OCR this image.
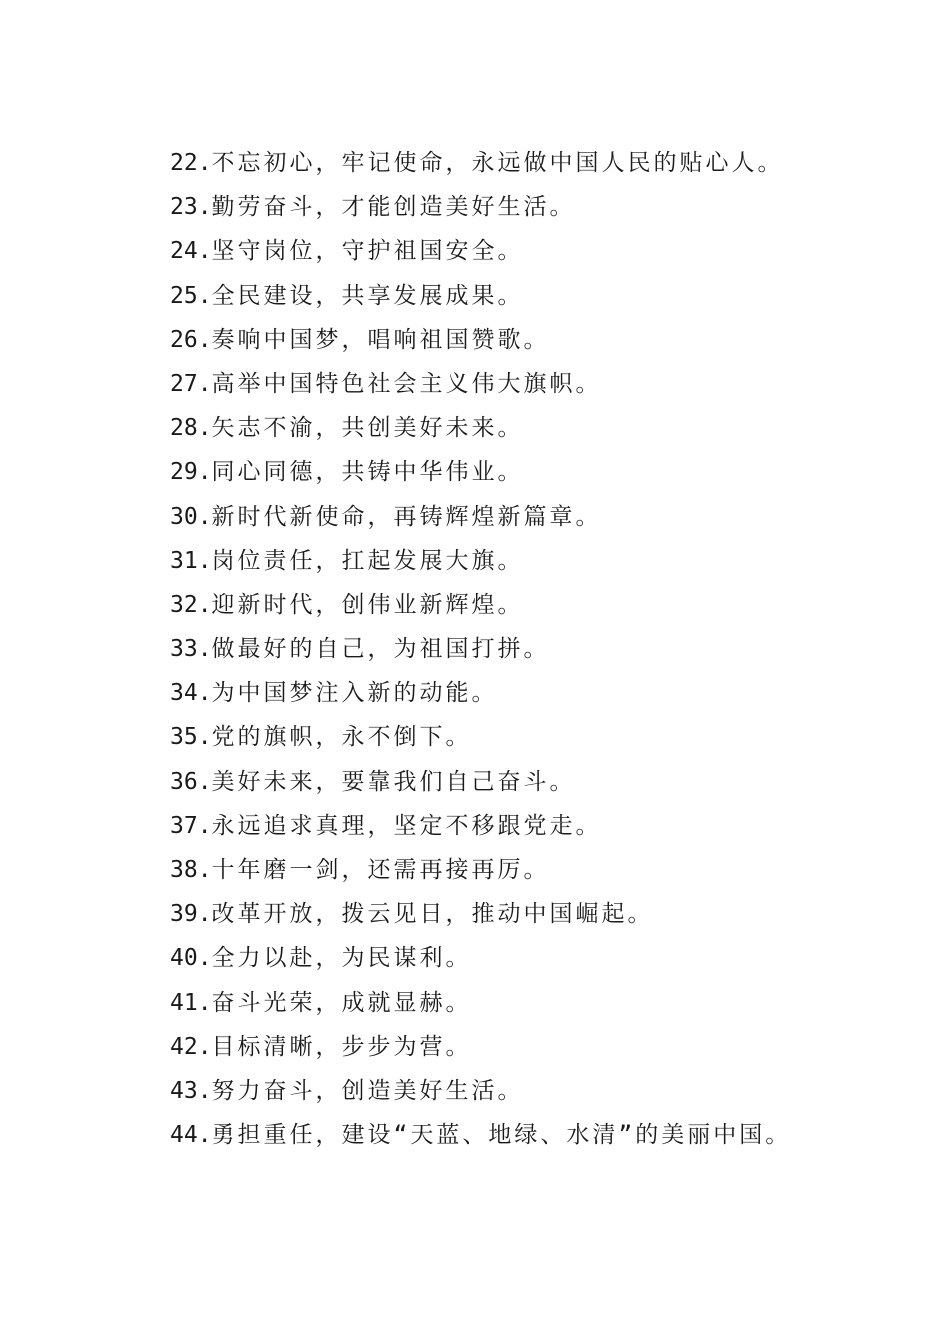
22.不忘初心，牢记使命，永远做中国人民的贴心人。
23.勤劳奋斗，才能创造美好生活。
24.坚守岗位，守护祖国安全。
25.全民建设，共享发展成果。
26.奏响中国梦，唱响祖国赞歌。
27.高举中国特色社会主义伟大旗帜。
28.矢志不渝，共创美好未来。
29.同心同德，共铸中华伟业。
30.新时代新使命，再铸辉煌新篇章。
31.岗位责任，扛起发展大旗。
32.迎新时代，创伟业新辉煌。
33.做最好的自己，为祖国打拼。
34.为中国梦注入新的动能。
35.党的旗帜，永不倒下。
36.美好未来，要靠我们自己奋斗。
37.永远追求真理，坚定不移跟党走。
38.十年磨一剑，还需再接再厉。
39.改革开放，拨云见日，推动中国崛起。
40.全力以赴，为民谋利。
41.奋斗光荣，成就显赫。
42.目标清晰，步步为营。
43.努力奋斗，创造美好生活。
44.勇担重任，建设“天蓝、地绿、水清”的美丽中国。
